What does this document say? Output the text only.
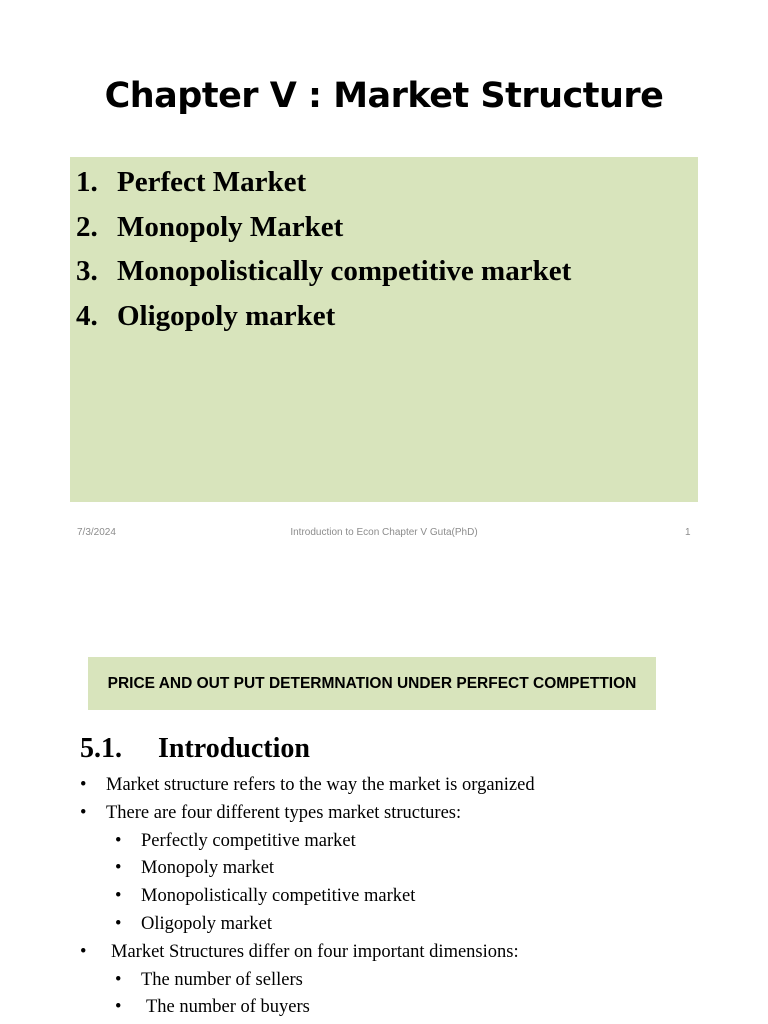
Chapter V : Market Structure
1. Perfect Market
2. Monopoly Market
3. Monopolistically competitive market
4. Oligopoly market
7/3/2024	Introduction to Econ Chapter V Guta(PhD)	1
PRICE AND OUT PUT DETERMNATION UNDER PERFECT COMPETTION
5.1. Introduction
• Market structure refers to the way the market is organized
• There are four different types market structures:
• Perfectly competitive market
• Monopoly market
• Monopolistically competitive market
• Oligopoly market
• Market Structures differ on four important dimensions:
• The number of sellers
• The number of buyers
